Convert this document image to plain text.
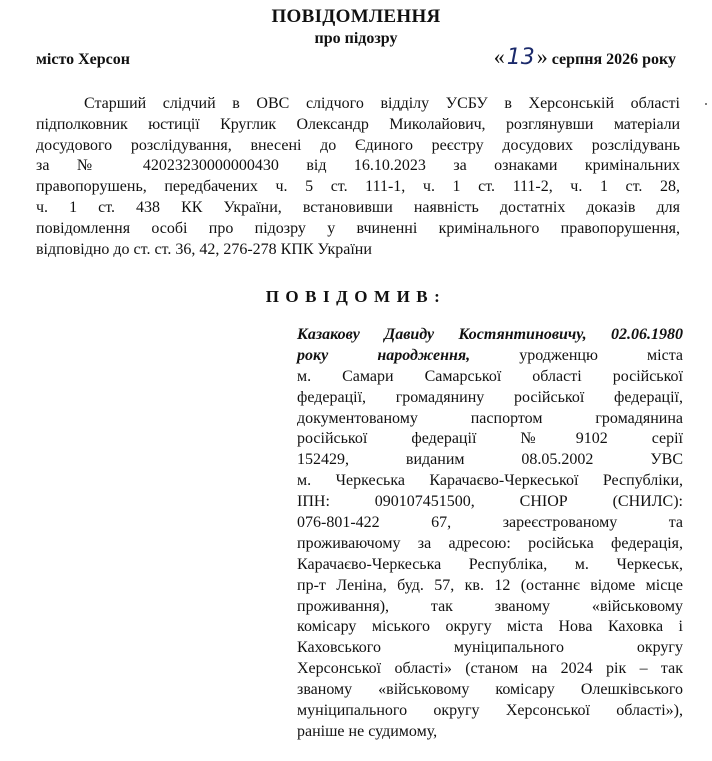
ПОВІДОМЛЕННЯ
про підозру
місто Херсон	«13» серпня 2026 року
Старший слідчий в ОВС слідчого відділу УСБУ в Херсонській області
підполковник юстиції Круглик Олександр Миколайович, розглянувши матеріали
досудового розслідування, внесені до Єдиного реєстру досудових розслідувань
за № 42023230000000430 від 16.10.2023 за ознаками кримінальних
правопорушень, передбачених ч. 5 ст. 111-1, ч. 1 ст. 111-2, ч. 1 ст. 28,
ч. 1 ст. 438 КК України, встановивши наявність достатніх доказів для
повідомлення особі про підозру у вчиненні кримінального правопорушення,
відповідно до ст. ст. 36, 42, 276-278 КПК України
ПОВІДОМИВ:
Казакову Давиду Костянтиновичу, 02.06.1980
року народження,	уродженцю міста
м. Самари Самарської області російської
федерації, громадянину російської федерації,
документованому паспортом громадянина
російської федерації №9102 серії
152429, виданим 08.05.2002 УВС
м. Черкеська Карачаєво-Черкеської Республіки,
ІПН: 090107451500, СНІОР (СНИЛС):
076-801-422 67, зареєстрованому та
проживаючому за адресою: російська федерація,
Карачаєво-Черкеська Республіка, м. Черкеськ,
пр-т Леніна, буд. 57, кв. 12 (останнє відоме місце
проживання), так званому «військовому
комісару міського округу міста Нова Каховка і
Каховського муніципального округу
Херсонської області» (станом на 2024 рік – так
званому «військовому комісару Олешківського
муніципального округу Херсонської області»),
раніше не судимому,
